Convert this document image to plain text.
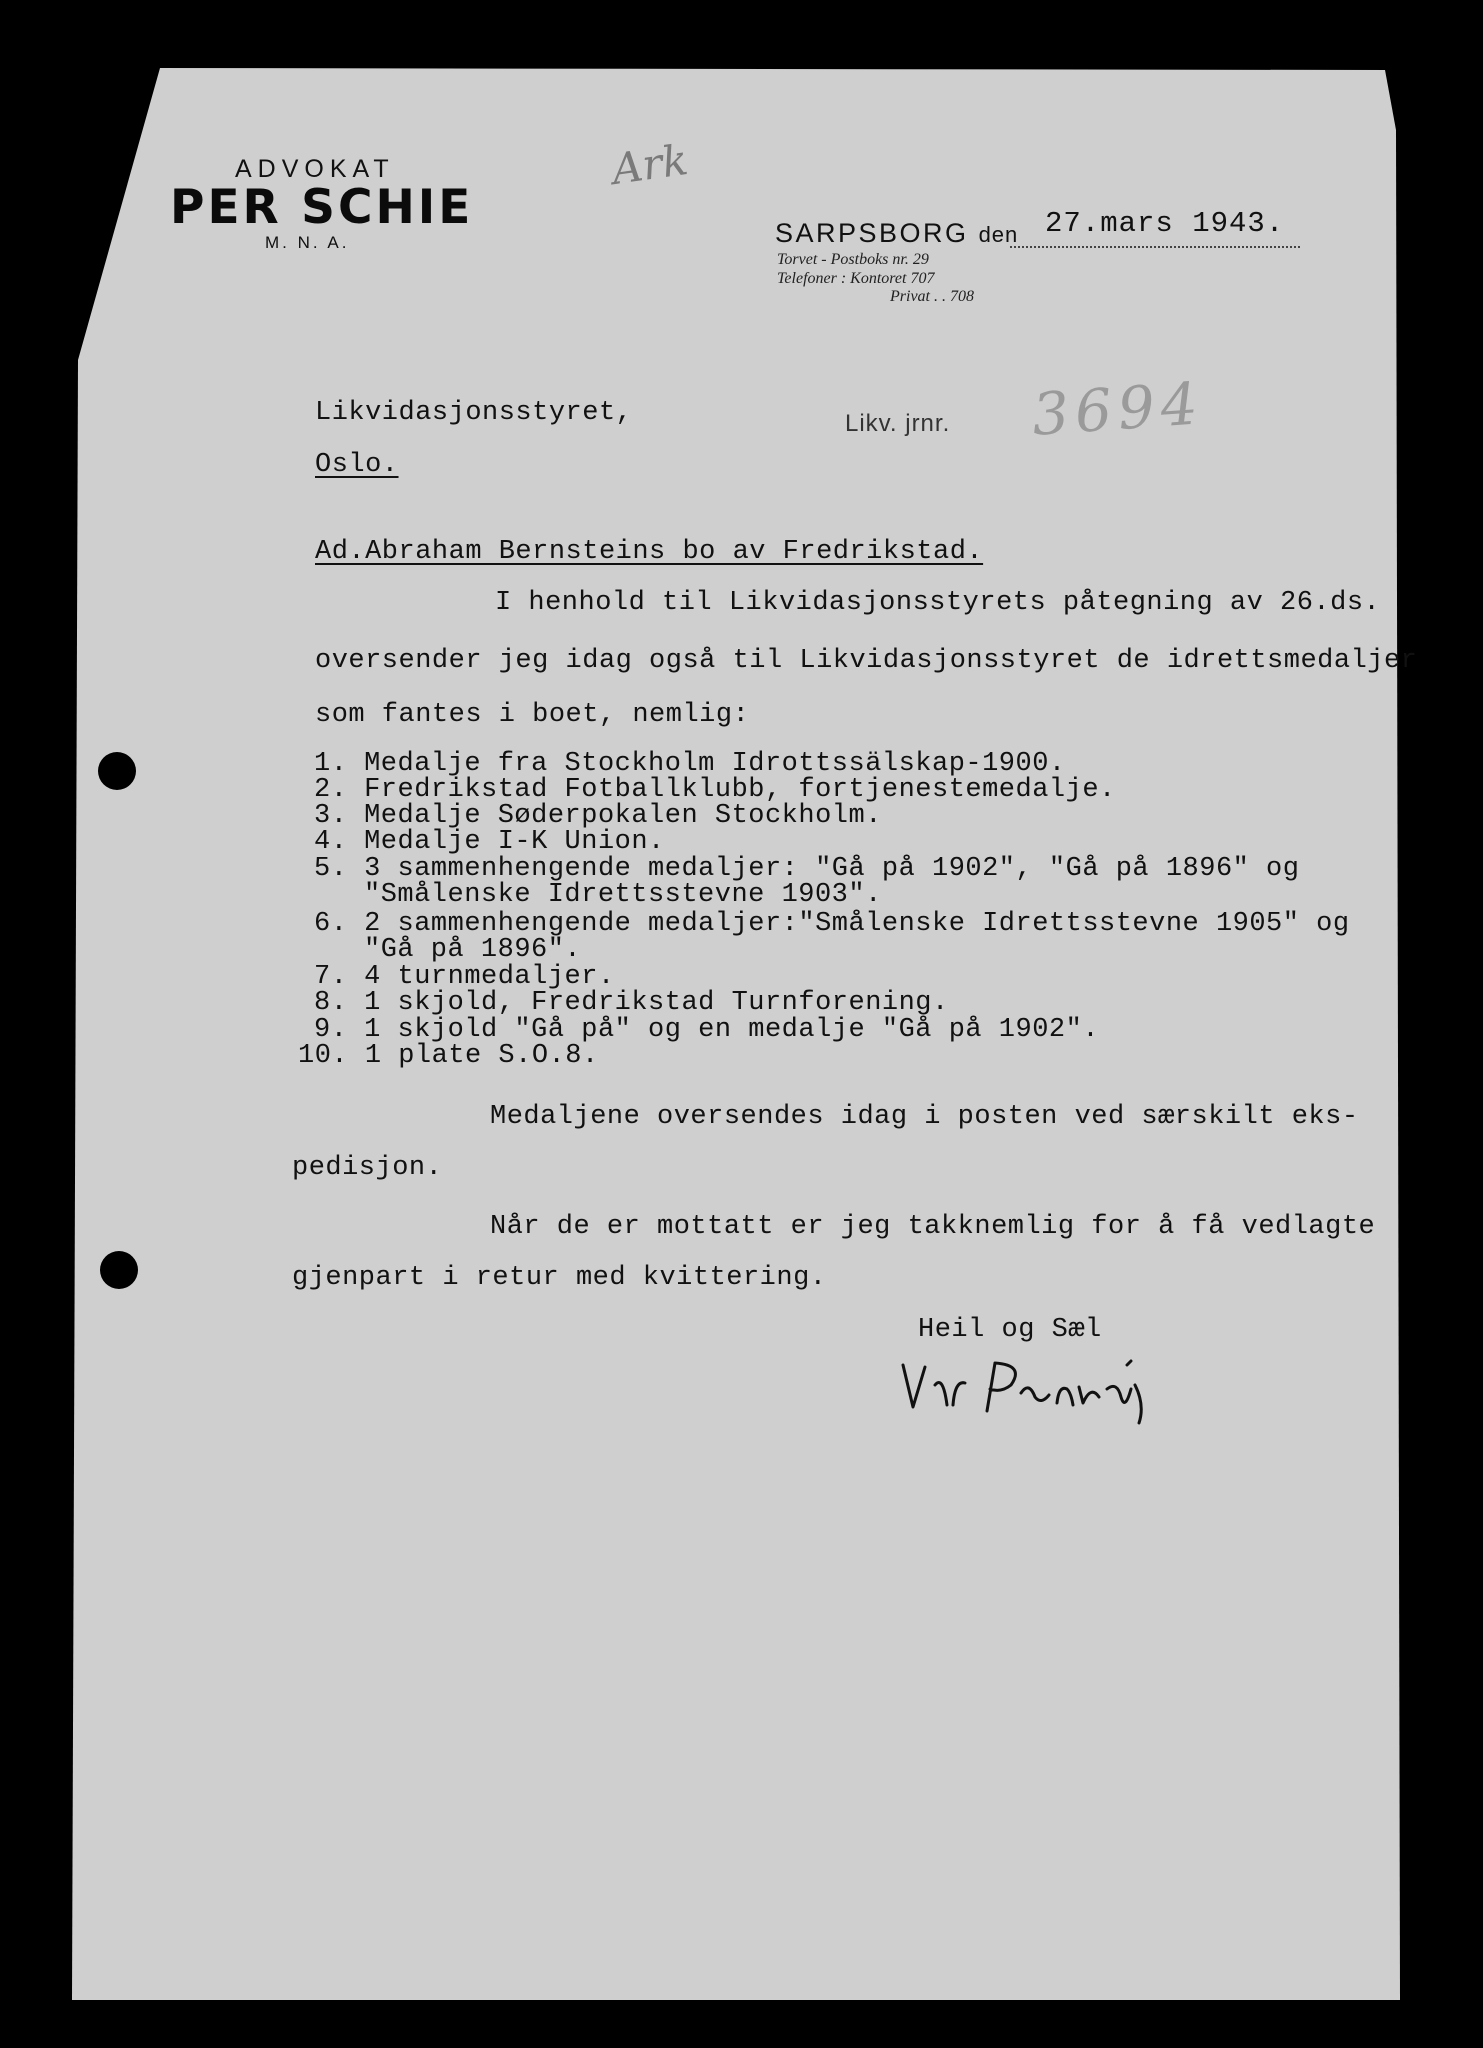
ADVOKAT
PER SCHIE
M. N. A.
Ark
SARPSBORG den 27.mars 1943.
Torvet - Postboks nr. 29
Telefoner : Kontoret 707
Privat . . 708
Likvidasjonsstyret,	Likv. jrnr. 3694
Oslo.
Ad.Abraham Bernsteins bo av Fredrikstad.
I henhold til Likvidasjonsstyrets påtegning av 26.ds.
oversender jeg idag også til Likvidasjonsstyret de idrettsmedaljer
som fantes i boet, nemlig:
1. Medalje fra Stockholm Idrottssälskap-1900.
2. Fredrikstad Fotballklubb, fortjenestemedalje.
3. Medalje Søderpokalen Stockholm.
4. Medalje I-K Union.
5. 3 sammenhengende medaljer: "Gå på 1902", "Gå på 1896" og
"Smålenske Idrettsstevne 1903".
6. 2 sammenhengende medaljer:"Smålenske Idrettsstevne 1905" og
"Gå på 1896".
7. 4 turnmedaljer.
8. 1 skjold, Fredrikstad Turnforening.
9. 1 skjold "Gå på" og en medalje "Gå på 1902".
10. 1 plate S.O.8.
Medaljene oversendes idag i posten ved særskilt eks-
pedisjon.
Når de er mottatt er jeg takknemlig for å få vedlagte
gjenpart i retur med kvittering.
Heil og Sæl
